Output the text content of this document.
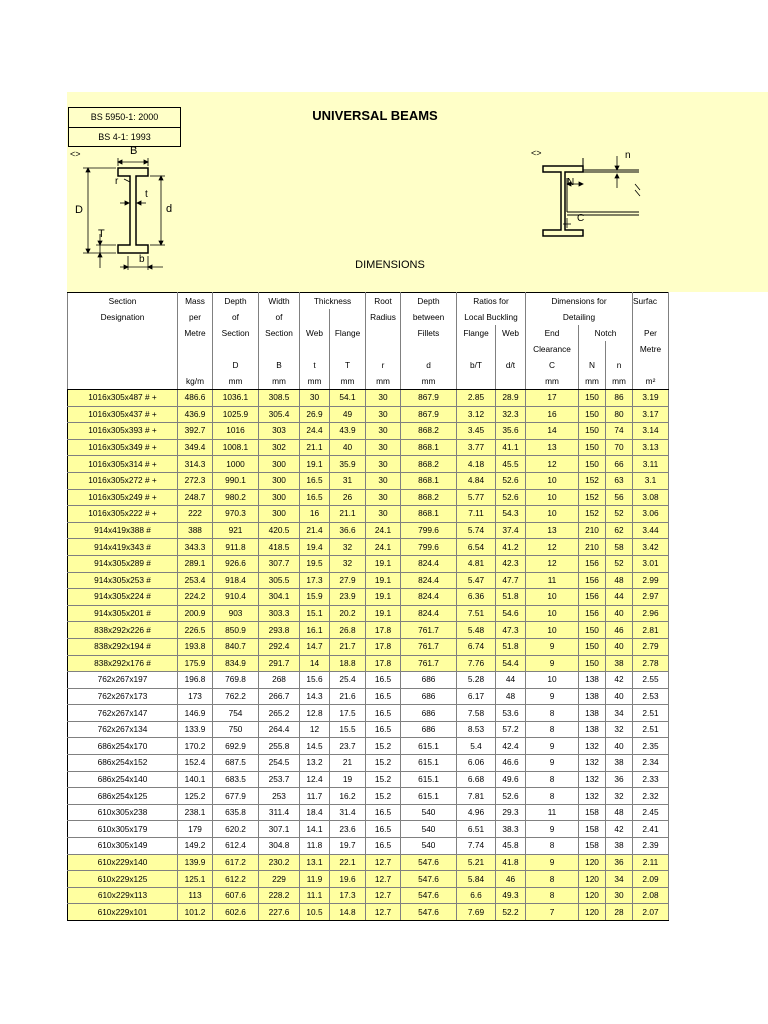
BS 5950-1: 2000
BS 4-1: 1993
UNIVERSAL BEAMS
DIMENSIONS
<>	<>
B
r
t
D	d
T
b
n
N
C
Section	Mass	Depth	Width	Thickness		Root	Depth	Ratios for		Dimensions for			Surfac
Designation	per	of	of			Radius	between	Local Buckling		Detailing			
	Metre	Section	Section	Web	Flange		Fillets	Flange	Web	End	Notch		Per
										Clearance			Metre
		D	B	t	T	r	d	b/T	d/t	C	N	n	
	kg/m	mm	mm	mm	mm	mm	mm			mm	mm	mm	m²
1016x305x487 # +	486.6	1036.1	308.5	30	54.1	30	867.9	2.85	28.9	17	150	86	3.19
1016x305x437 # +	436.9	1025.9	305.4	26.9	49	30	867.9	3.12	32.3	16	150	80	3.17
1016x305x393 # +	392.7	1016	303	24.4	43.9	30	868.2	3.45	35.6	14	150	74	3.14
1016x305x349 # +	349.4	1008.1	302	21.1	40	30	868.1	3.77	41.1	13	150	70	3.13
1016x305x314 # +	314.3	1000	300	19.1	35.9	30	868.2	4.18	45.5	12	150	66	3.11
1016x305x272 # +	272.3	990.1	300	16.5	31	30	868.1	4.84	52.6	10	152	63	3.1
1016x305x249 # +	248.7	980.2	300	16.5	26	30	868.2	5.77	52.6	10	152	56	3.08
1016x305x222 # +	222	970.3	300	16	21.1	30	868.1	7.11	54.3	10	152	52	3.06
914x419x388 #	388	921	420.5	21.4	36.6	24.1	799.6	5.74	37.4	13	210	62	3.44
914x419x343 #	343.3	911.8	418.5	19.4	32	24.1	799.6	6.54	41.2	12	210	58	3.42
914x305x289 #	289.1	926.6	307.7	19.5	32	19.1	824.4	4.81	42.3	12	156	52	3.01
914x305x253 #	253.4	918.4	305.5	17.3	27.9	19.1	824.4	5.47	47.7	11	156	48	2.99
914x305x224 #	224.2	910.4	304.1	15.9	23.9	19.1	824.4	6.36	51.8	10	156	44	2.97
914x305x201 #	200.9	903	303.3	15.1	20.2	19.1	824.4	7.51	54.6	10	156	40	2.96
838x292x226 #	226.5	850.9	293.8	16.1	26.8	17.8	761.7	5.48	47.3	10	150	46	2.81
838x292x194 #	193.8	840.7	292.4	14.7	21.7	17.8	761.7	6.74	51.8	9	150	40	2.79
838x292x176 #	175.9	834.9	291.7	14	18.8	17.8	761.7	7.76	54.4	9	150	38	2.78
762x267x197	196.8	769.8	268	15.6	25.4	16.5	686	5.28	44	10	138	42	2.55
762x267x173	173	762.2	266.7	14.3	21.6	16.5	686	6.17	48	9	138	40	2.53
762x267x147	146.9	754	265.2	12.8	17.5	16.5	686	7.58	53.6	8	138	34	2.51
762x267x134	133.9	750	264.4	12	15.5	16.5	686	8.53	57.2	8	138	32	2.51
686x254x170	170.2	692.9	255.8	14.5	23.7	15.2	615.1	5.4	42.4	9	132	40	2.35
686x254x152	152.4	687.5	254.5	13.2	21	15.2	615.1	6.06	46.6	9	132	38	2.34
686x254x140	140.1	683.5	253.7	12.4	19	15.2	615.1	6.68	49.6	8	132	36	2.33
686x254x125	125.2	677.9	253	11.7	16.2	15.2	615.1	7.81	52.6	8	132	32	2.32
610x305x238	238.1	635.8	311.4	18.4	31.4	16.5	540	4.96	29.3	11	158	48	2.45
610x305x179	179	620.2	307.1	14.1	23.6	16.5	540	6.51	38.3	9	158	42	2.41
610x305x149	149.2	612.4	304.8	11.8	19.7	16.5	540	7.74	45.8	8	158	38	2.39
610x229x140	139.9	617.2	230.2	13.1	22.1	12.7	547.6	5.21	41.8	9	120	36	2.11
610x229x125	125.1	612.2	229	11.9	19.6	12.7	547.6	5.84	46	8	120	34	2.09
610x229x113	113	607.6	228.2	11.1	17.3	12.7	547.6	6.6	49.3	8	120	30	2.08
610x229x101	101.2	602.6	227.6	10.5	14.8	12.7	547.6	7.69	52.2	7	120	28	2.07
